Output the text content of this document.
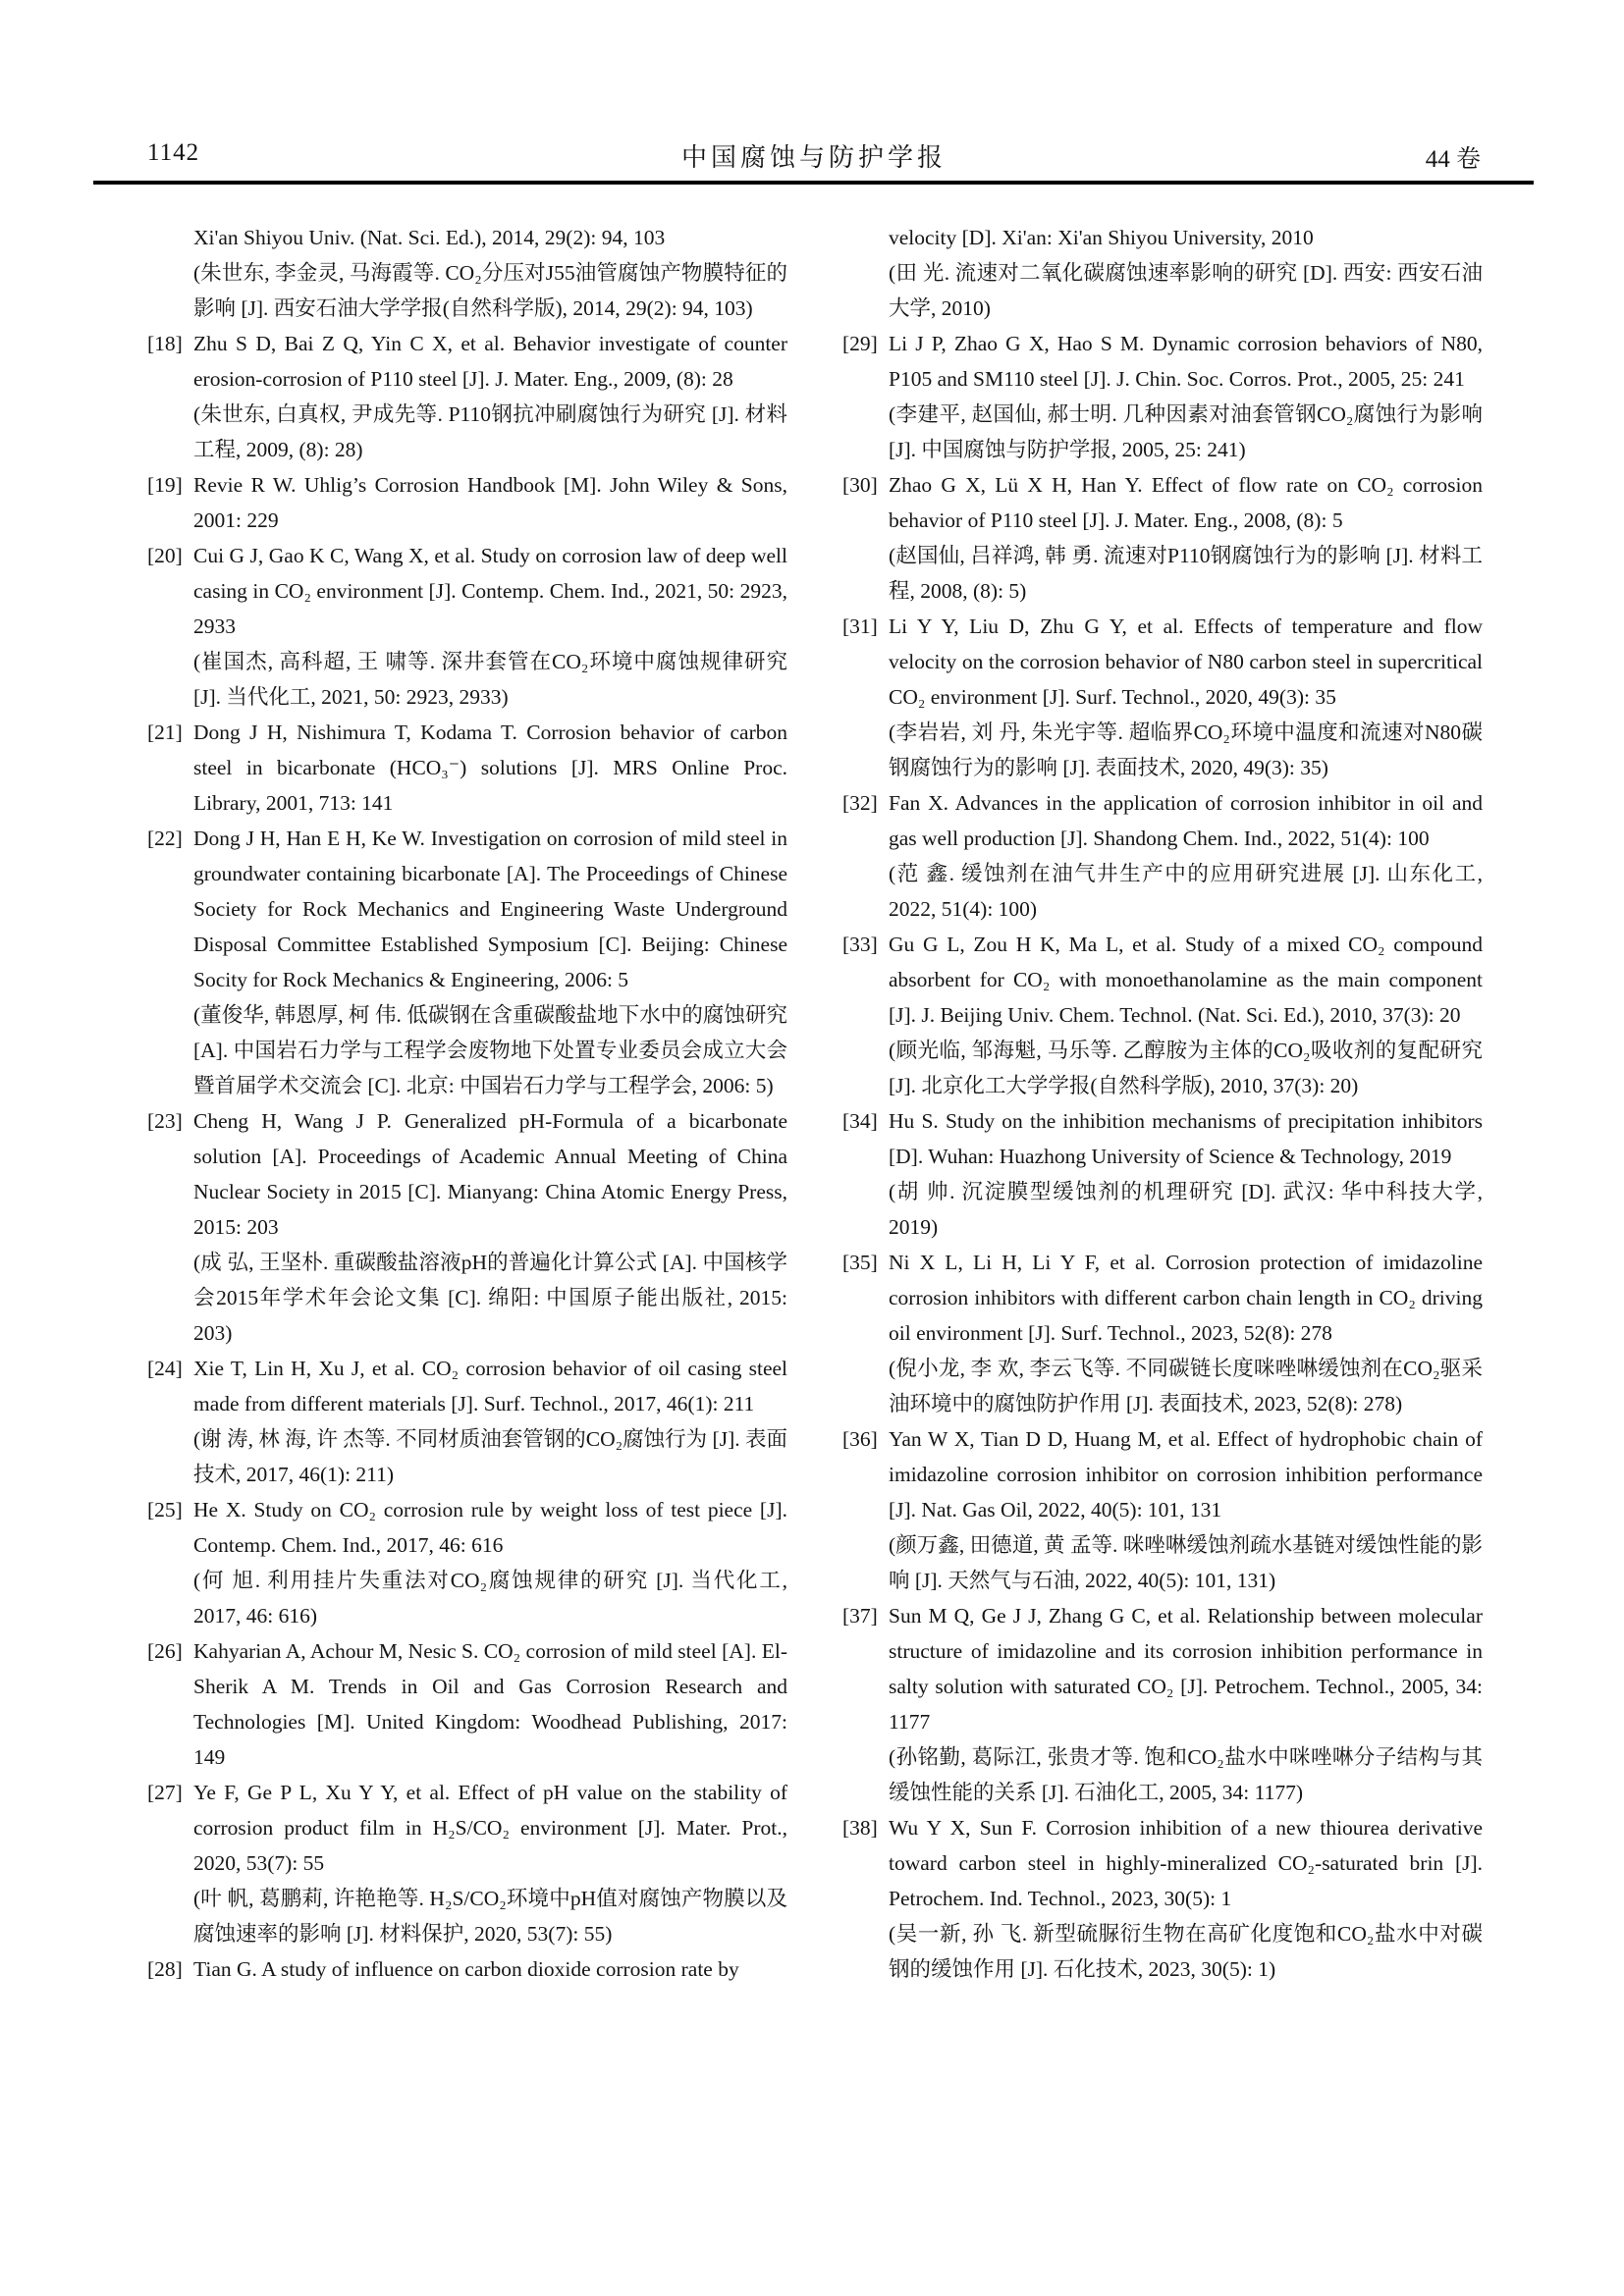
1142	中国腐蚀与防护学报	44 卷

Xi'an Shiyou Univ. (Nat. Sci. Ed.), 2014, 29(2): 94, 103

(朱世东, 李金灵, 马海霞等. CO₂分压对J55油管腐蚀产物膜特征的影响 [J]. 西安石油大学学报(自然科学版), 2014, 29(2): 94, 103)

[18] Zhu S D, Bai Z Q, Yin C X, et al. Behavior investigate of counter erosion-corrosion of P110 steel [J]. J. Mater. Eng., 2009, (8): 28

(朱世东, 白真权, 尹成先等. P110钢抗冲刷腐蚀行为研究 [J]. 材料工程, 2009, (8): 28)

[19] Revie R W. Uhlig’s Corrosion Handbook [M]. John Wiley & Sons, 2001: 229

[20] Cui G J, Gao K C, Wang X, et al. Study on corrosion law of deep well casing in CO₂ environment [J]. Contemp. Chem. Ind., 2021, 50: 2923, 2933

(崔国杰, 高科超, 王 啸等. 深井套管在CO₂环境中腐蚀规律研究 [J]. 当代化工, 2021, 50: 2923, 2933)

[21] Dong J H, Nishimura T, Kodama T. Corrosion behavior of carbon steel in bicarbonate (HCO₃⁻) solutions [J]. MRS Online Proc. Library, 2001, 713: 141

[22] Dong J H, Han E H, Ke W. Investigation on corrosion of mild steel in groundwater containing bicarbonate [A]. The Proceedings of Chinese Society for Rock Mechanics and Engineering Waste Underground Disposal Committee Established Symposium [C]. Beijing: Chinese Socity for Rock Mechanics & Engineering, 2006: 5

(董俊华, 韩恩厚, 柯 伟. 低碳钢在含重碳酸盐地下水中的腐蚀研究 [A]. 中国岩石力学与工程学会废物地下处置专业委员会成立大会暨首届学术交流会 [C]. 北京: 中国岩石力学与工程学会, 2006: 5)

[23] Cheng H, Wang J P. Generalized pH-Formula of a bicarbonate solution [A]. Proceedings of Academic Annual Meeting of China Nuclear Society in 2015 [C]. Mianyang: China Atomic Energy Press, 2015: 203

(成 弘, 王坚朴. 重碳酸盐溶液pH的普遍化计算公式 [A]. 中国核学会2015年学术年会论文集 [C]. 绵阳: 中国原子能出版社, 2015: 203)

[24] Xie T, Lin H, Xu J, et al. CO₂ corrosion behavior of oil casing steel made from different materials [J]. Surf. Technol., 2017, 46(1): 211

(谢 涛, 林 海, 许 杰等. 不同材质油套管钢的CO₂腐蚀行为 [J]. 表面技术, 2017, 46(1): 211)

[25] He X. Study on CO₂ corrosion rule by weight loss of test piece [J]. Contemp. Chem. Ind., 2017, 46: 616

(何 旭. 利用挂片失重法对CO₂腐蚀规律的研究 [J]. 当代化工, 2017, 46: 616)

[26] Kahyarian A, Achour M, Nesic S. CO₂ corrosion of mild steel [A]. El-Sherik A M. Trends in Oil and Gas Corrosion Research and Technologies [M]. United Kingdom: Woodhead Publishing, 2017: 149

[27] Ye F, Ge P L, Xu Y Y, et al. Effect of pH value on the stability of corrosion product film in H₂S/CO₂ environment [J]. Mater. Prot., 2020, 53(7): 55

(叶 帆, 葛鹏莉, 许艳艳等. H₂S/CO₂环境中pH值对腐蚀产物膜以及腐蚀速率的影响 [J]. 材料保护, 2020, 53(7): 55)

[28] Tian G. A study of influence on carbon dioxide corrosion rate by

velocity [D]. Xi'an: Xi'an Shiyou University, 2010

(田 光. 流速对二氧化碳腐蚀速率影响的研究 [D]. 西安: 西安石油大学, 2010)

[29] Li J P, Zhao G X, Hao S M. Dynamic corrosion behaviors of N80, P105 and SM110 steel [J]. J. Chin. Soc. Corros. Prot., 2005, 25: 241

(李建平, 赵国仙, 郝士明. 几种因素对油套管钢CO₂腐蚀行为影响 [J]. 中国腐蚀与防护学报, 2005, 25: 241)

[30] Zhao G X, Lü X H, Han Y. Effect of flow rate on CO₂ corrosion behavior of P110 steel [J]. J. Mater. Eng., 2008, (8): 5

(赵国仙, 吕祥鸿, 韩 勇. 流速对P110钢腐蚀行为的影响 [J]. 材料工程, 2008, (8): 5)

[31] Li Y Y, Liu D, Zhu G Y, et al. Effects of temperature and flow velocity on the corrosion behavior of N80 carbon steel in supercritical CO₂ environment [J]. Surf. Technol., 2020, 49(3): 35

(李岩岩, 刘 丹, 朱光宇等. 超临界CO₂环境中温度和流速对N80碳钢腐蚀行为的影响 [J]. 表面技术, 2020, 49(3): 35)

[32] Fan X. Advances in the application of corrosion inhibitor in oil and gas well production [J]. Shandong Chem. Ind., 2022, 51(4): 100

(范 鑫. 缓蚀剂在油气井生产中的应用研究进展 [J]. 山东化工, 2022, 51(4): 100)

[33] Gu G L, Zou H K, Ma L, et al. Study of a mixed CO₂ compound absorbent for CO₂ with monoethanolamine as the main component [J]. J. Beijing Univ. Chem. Technol. (Nat. Sci. Ed.), 2010, 37(3): 20

(顾光临, 邹海魁, 马乐等. 乙醇胺为主体的CO₂吸收剂的复配研究 [J]. 北京化工大学学报(自然科学版), 2010, 37(3): 20)

[34] Hu S. Study on the inhibition mechanisms of precipitation inhibitors [D]. Wuhan: Huazhong University of Science & Technology, 2019

(胡 帅. 沉淀膜型缓蚀剂的机理研究 [D]. 武汉: 华中科技大学, 2019)

[35] Ni X L, Li H, Li Y F, et al. Corrosion protection of imidazoline corrosion inhibitors with different carbon chain length in CO₂ driving oil environment [J]. Surf. Technol., 2023, 52(8): 278

(倪小龙, 李 欢, 李云飞等. 不同碳链长度咪唑啉缓蚀剂在CO₂驱采油环境中的腐蚀防护作用 [J]. 表面技术, 2023, 52(8): 278)

[36] Yan W X, Tian D D, Huang M, et al. Effect of hydrophobic chain of imidazoline corrosion inhibitor on corrosion inhibition performance [J]. Nat. Gas Oil, 2022, 40(5): 101, 131

(颜万鑫, 田德道, 黄 孟等. 咪唑啉缓蚀剂疏水基链对缓蚀性能的影响 [J]. 天然气与石油, 2022, 40(5): 101, 131)

[37] Sun M Q, Ge J J, Zhang G C, et al. Relationship between molecular structure of imidazoline and its corrosion inhibition performance in salty solution with saturated CO₂ [J]. Petrochem. Technol., 2005, 34: 1177

(孙铭勤, 葛际江, 张贵才等. 饱和CO₂盐水中咪唑啉分子结构与其缓蚀性能的关系 [J]. 石油化工, 2005, 34: 1177)

[38] Wu Y X, Sun F. Corrosion inhibition of a new thiourea derivative toward carbon steel in highly-mineralized CO₂-saturated brin [J]. Petrochem. Ind. Technol., 2023, 30(5): 1

(吴一新, 孙 飞. 新型硫脲衍生物在高矿化度饱和CO₂盐水中对碳钢的缓蚀作用 [J]. 石化技术, 2023, 30(5): 1)
